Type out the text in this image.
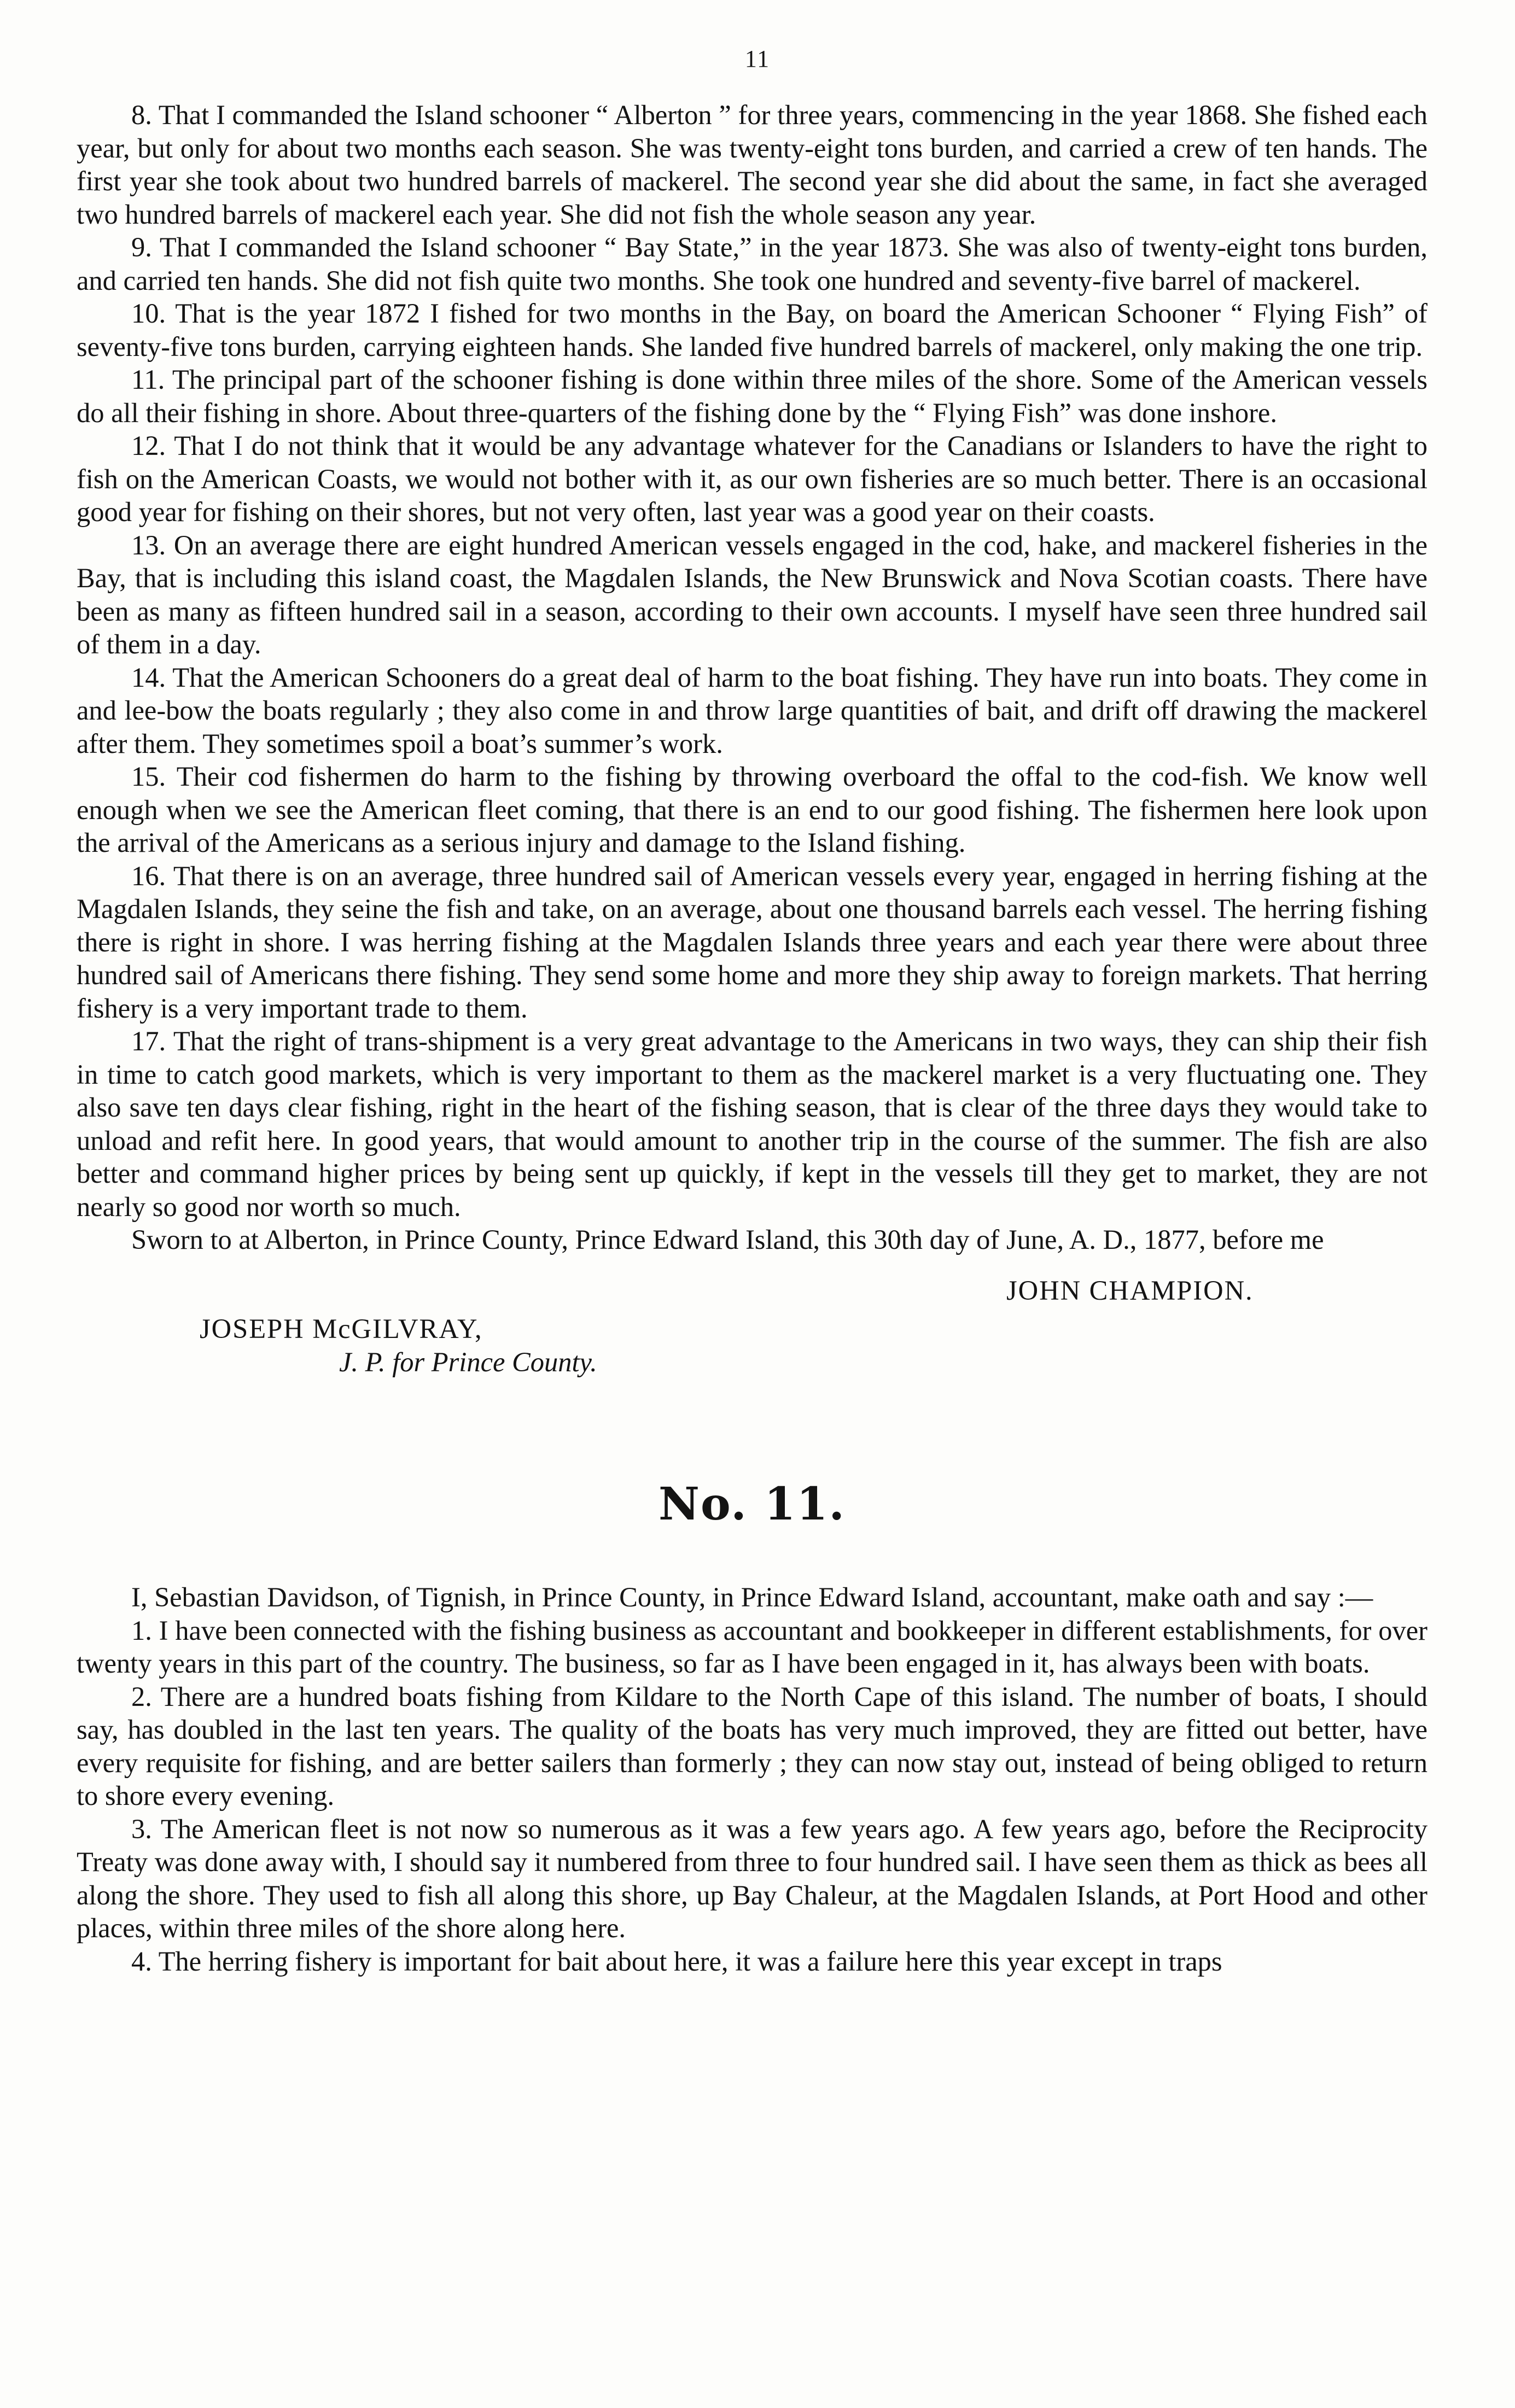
11

8. That I commanded the Island schooner “ Alberton ” for three years, commencing in the year 1868. She fished each year, but only for about two months each season. She was twenty-eight tons burden, and carried a crew of ten hands. The first year she took about two hundred barrels of mackerel. The second year she did about the same, in fact she averaged two hundred barrels of mackerel each year. She did not fish the whole season any year.

9. That I commanded the Island schooner “ Bay State,” in the year 1873. She was also of twenty-eight tons burden, and carried ten hands. She did not fish quite two months. She took one hundred and seventy-five barrel of mackerel.

10. That is the year 1872 I fished for two months in the Bay, on board the American Schooner “ Flying Fish” of seventy-five tons burden, carrying eighteen hands. She landed five hundred barrels of mackerel, only making the one trip.

11. The principal part of the schooner fishing is done within three miles of the shore. Some of the American vessels do all their fishing in shore. About three-quarters of the fishing done by the “ Flying Fish” was done inshore.

12. That I do not think that it would be any advantage whatever for the Canadians or Islanders to have the right to fish on the American Coasts, we would not bother with it, as our own fisheries are so much better. There is an occasional good year for fishing on their shores, but not very often, last year was a good year on their coasts.

13. On an average there are eight hundred American vessels engaged in the cod, hake, and mackerel fisheries in the Bay, that is including this island coast, the Magdalen Islands, the New Brunswick and Nova Scotian coasts. There have been as many as fifteen hundred sail in a season, according to their own accounts. I myself have seen three hundred sail of them in a day.

14. That the American Schooners do a great deal of harm to the boat fishing. They have run into boats. They come in and lee-bow the boats regularly ; they also come in and throw large quantities of bait, and drift off drawing the mackerel after them. They sometimes spoil a boat’s summer’s work.

15. Their cod fishermen do harm to the fishing by throwing overboard the offal to the cod-fish. We know well enough when we see the American fleet coming, that there is an end to our good fishing. The fishermen here look upon the arrival of the Americans as a serious injury and damage to the Island fishing.

16. That there is on an average, three hundred sail of American vessels every year, engaged in herring fishing at the Magdalen Islands, they seine the fish and take, on an average, about one thousand barrels each vessel. The herring fishing there is right in shore. I was herring fishing at the Magdalen Islands three years and each year there were about three hundred sail of Americans there fishing. They send some home and more they ship away to foreign markets. That herring fishery is a very important trade to them.

17. That the right of trans-shipment is a very great advantage to the Americans in two ways, they can ship their fish in time to catch good markets, which is very important to them as the mackerel market is a very fluctuating one. They also save ten days clear fishing, right in the heart of the fishing season, that is clear of the three days they would take to unload and refit here. In good years, that would amount to another trip in the course of the summer. The fish are also better and command higher prices by being sent up quickly, if kept in the vessels till they get to market, they are not nearly so good nor worth so much.

Sworn to at Alberton, in Prince County, Prince Edward Island, this 30th day of June, A. D., 1877, before me

JOHN CHAMPION.
JOSEPH McGILVRAY,
J. P. for Prince County.
No. 11.

I, Sebastian Davidson, of Tignish, in Prince County, in Prince Edward Island, accountant, make oath and say :—

1. I have been connected with the fishing business as accountant and bookkeeper in different establishments, for over twenty years in this part of the country. The business, so far as I have been engaged in it, has always been with boats.

2. There are a hundred boats fishing from Kildare to the North Cape of this island. The number of boats, I should say, has doubled in the last ten years. The quality of the boats has very much improved, they are fitted out better, have every requisite for fishing, and are better sailers than formerly ; they can now stay out, instead of being obliged to return to shore every evening.

3. The American fleet is not now so numerous as it was a few years ago. A few years ago, before the Reciprocity Treaty was done away with, I should say it numbered from three to four hundred sail. I have seen them as thick as bees all along the shore. They used to fish all along this shore, up Bay Chaleur, at the Magdalen Islands, at Port Hood and other places, within three miles of the shore along here.

4. The herring fishery is important for bait about here, it was a failure here this year except in traps
